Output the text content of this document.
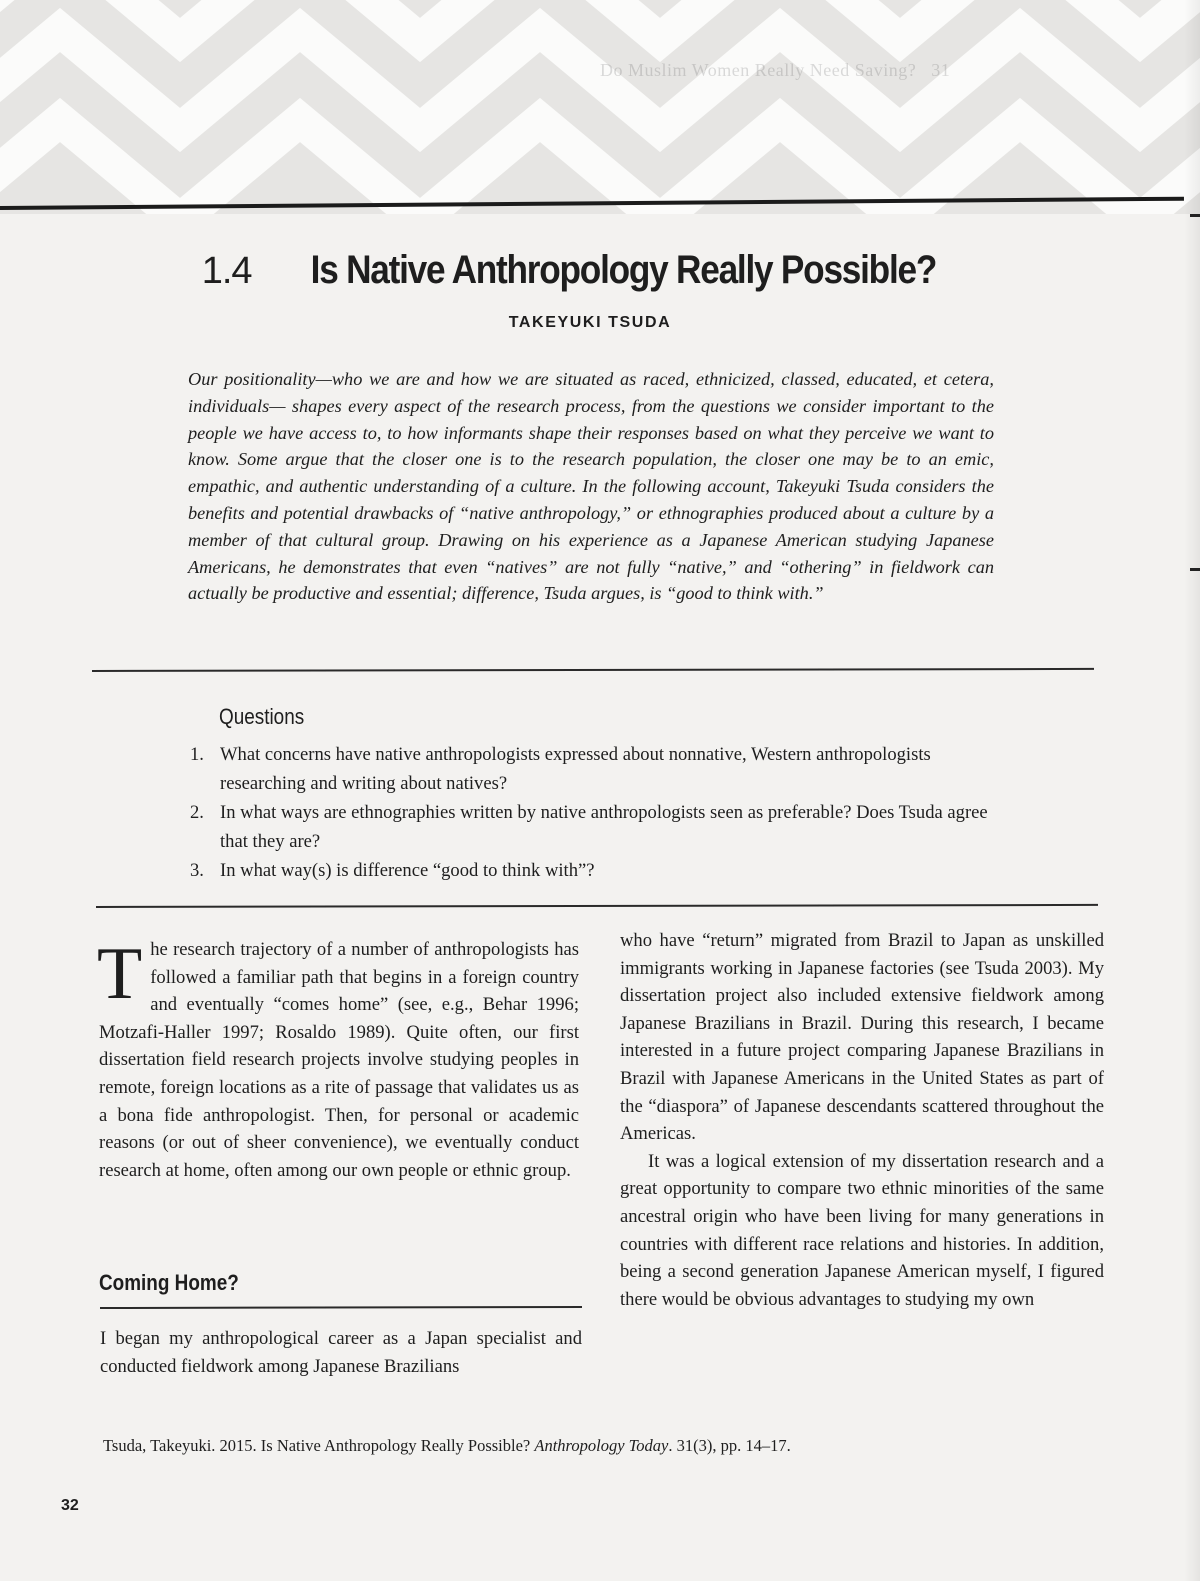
Do Muslim Women Really Need Saving? 31
1.4 Is Native Anthropology Really Possible?
TAKEYUKI TSUDA
Our positionality—who we are and how we are situated as raced, ethnicized, classed, educated, et cetera, individuals— shapes every aspect of the research process, from the questions we consider important to the people we have access to, to how informants shape their responses based on what they perceive we want to know. Some argue that the closer one is to the research population, the closer one may be to an emic, empathic, and authentic understanding of a culture. In the following account, Takeyuki Tsuda considers the benefits and potential drawbacks of “native anthropology,” or ethnographies produced about a culture by a member of that cultural group. Drawing on his experience as a Japanese American studying Japanese Americans, he demonstrates that even “natives” are not fully “native,” and “othering” in fieldwork can actually be productive and essential; difference, Tsuda argues, is “good to think with.”
Questions
1. What concerns have native anthropologists expressed about nonnative, Western anthropologists researching and writing about natives?
2. In what ways are ethnographies written by native anthropologists seen as preferable? Does Tsuda agree that they are?
3. In what way(s) is difference “good to think with”?

The research trajectory of a number of anthropologists has followed a familiar path that begins in a foreign country and eventually “comes home” (see, e.g., Behar 1996; Motzafi-Haller 1997; Rosaldo 1989). Quite often, our first dissertation field research projects involve studying peoples in remote, foreign locations as a rite of passage that validates us as a bona fide anthropologist. Then, for personal or academic reasons (or out of sheer convenience), we eventually conduct research at home, often among our own people or ethnic group.

Coming Home?

I began my anthropological career as a Japan specialist and conducted fieldwork among Japanese Brazilians

who have “return” migrated from Brazil to Japan as unskilled immigrants working in Japanese factories (see Tsuda 2003). My dissertation project also included extensive fieldwork among Japanese Brazilians in Brazil. During this research, I became interested in a future project comparing Japanese Brazilians in Brazil with Japanese Americans in the United States as part of the “diaspora” of Japanese descendants scattered throughout the Americas.

It was a logical extension of my dissertation research and a great opportunity to compare two ethnic minorities of the same ancestral origin who have been living for many generations in countries with different race relations and histories. In addition, being a second generation Japanese American myself, I figured there would be obvious advantages to studying my own

Tsuda, Takeyuki. 2015. Is Native Anthropology Really Possible? Anthropology Today. 31(3), pp. 14–17.
32
